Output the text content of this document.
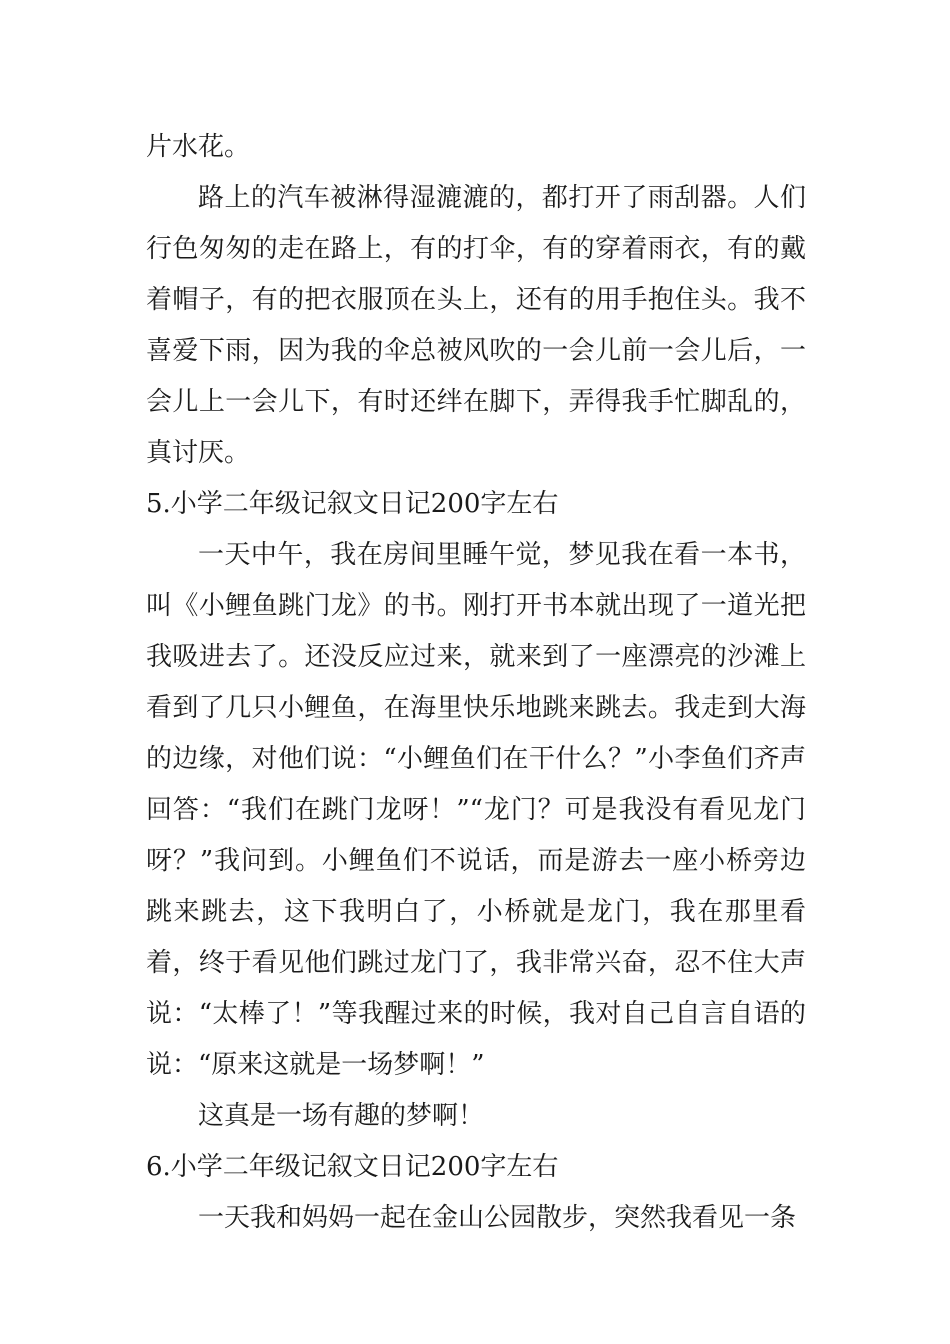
片水花。

路上的汽车被淋得湿漉漉的，都打开了雨刮器。人们行色匆匆的走在路上，有的打伞，有的穿着雨衣，有的戴着帽子，有的把衣服顶在头上，还有的用手抱住头。我不喜爱下雨，因为我的伞总被风吹的一会儿前一会儿后，一会儿上一会儿下，有时还绊在脚下，弄得我手忙脚乱的，真讨厌。

5.小学二年级记叙文日记200字左右

一天中午，我在房间里睡午觉，梦见我在看一本书，叫《小鲤鱼跳门龙》的书。刚打开书本就出现了一道光把我吸进去了。还没反应过来，就来到了一座漂亮的沙滩上看到了几只小鲤鱼，在海里快乐地跳来跳去。我走到大海的边缘，对他们说：“小鲤鱼们在干什么？”小李鱼们齐声回答：“我们在跳门龙呀！”“龙门？可是我没有看见龙门呀？”我问到。小鲤鱼们不说话，而是游去一座小桥旁边跳来跳去，这下我明白了，小桥就是龙门，我在那里看着，终于看见他们跳过龙门了，我非常兴奋，忍不住大声说：“太棒了！”等我醒过来的时候，我对自己自言自语的说：“原来这就是一场梦啊！”

这真是一场有趣的梦啊！

6.小学二年级记叙文日记200字左右

一天我和妈妈一起在金山公园散步，突然我看见一条
